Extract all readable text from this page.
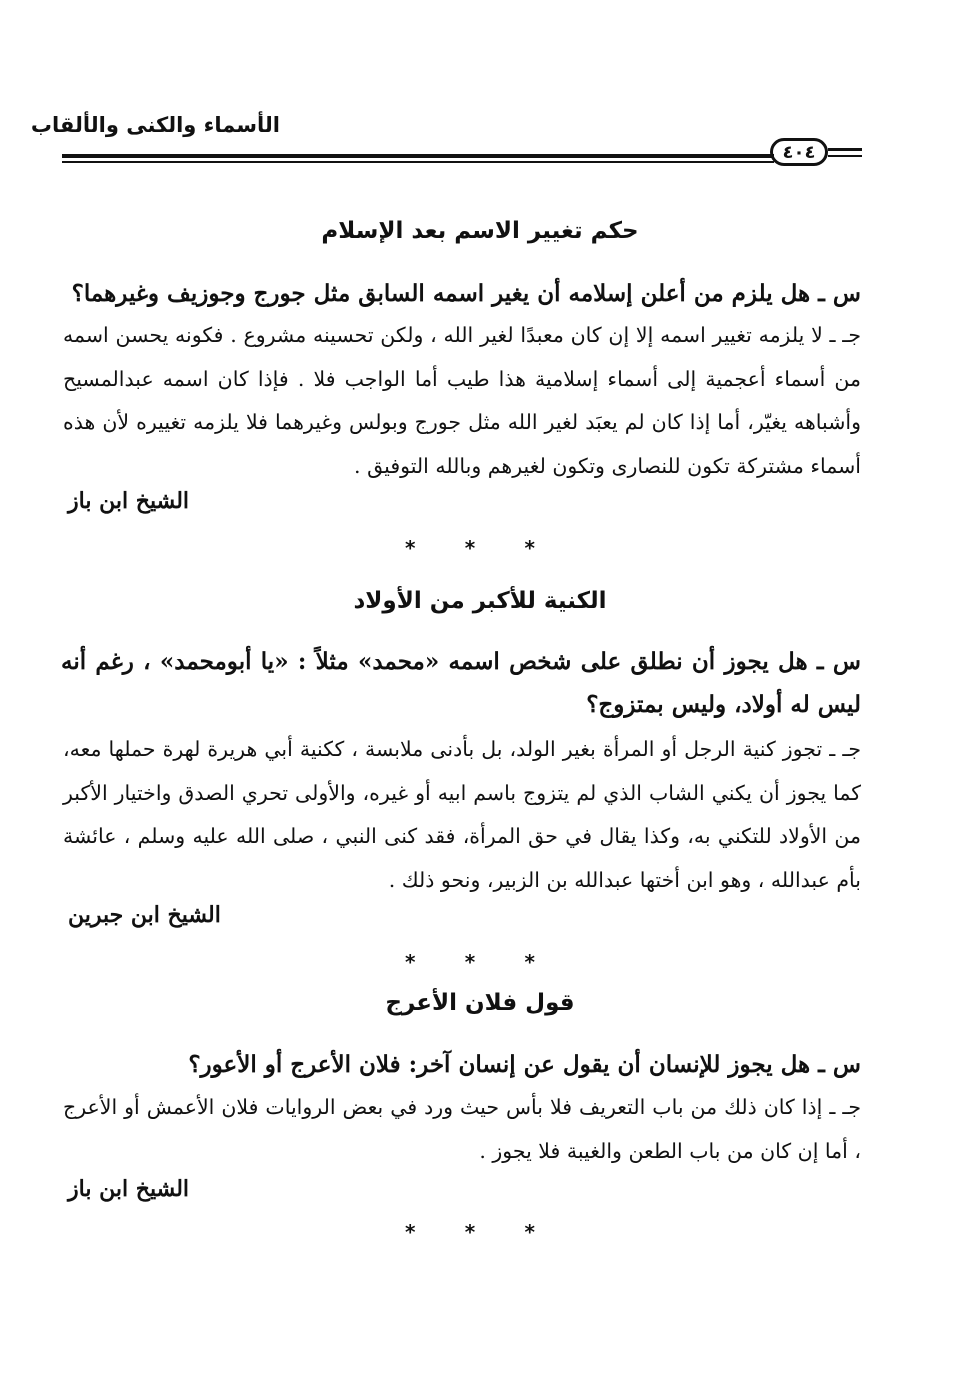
الأسماء والكنى والألقاب
٤٠٤
حكم تغيير الاسم بعد الإسلام
س ـ هل يلزم من أعلن إسلامه أن يغير اسمه السابق مثل جورج وجوزيف وغيرهما؟
جـ ـ لا يلزمه تغيير اسمه إلا إن كان معبدًا لغير الله ، ولكن تحسينه مشروع . فكونه يحسن اسمه من أسماء أعجمية إلى أسماء إسلامية هذا طيب أما الواجب فلا . فإذا كان اسمه عبدالمسيح وأشباهه يغيّر، أما إذا كان لم يعبَد لغير الله مثل جورج وبولس وغيرهما فلا يلزمه تغييره لأن هذه أسماء مشتركة تكون للنصارى وتكون لغيرهم وبالله التوفيق .
الشيخ ابن باز
* * *
الكنية للأكبر من الأولاد
س ـ هل يجوز أن نطلق على شخص اسمه «محمد» مثلاً : «يا أبومحمد» ، رغم أنه ليس له أولاد، وليس بمتزوج؟
جـ ـ تجوز كنية الرجل أو المرأة بغير الولد، بل بأدنى ملابسة ، ككنية أبي هريرة لهرة حملها معه، كما يجوز أن يكني الشاب الذي لم يتزوج باسم ابيه أو غيره، والأولى تحري الصدق واختيار الأكبر من الأولاد للتكني به، وكذا يقال في حق المرأة، فقد كنى النبي ، صلى الله عليه وسلم ، عائشة بأم عبدالله ، وهو ابن أختها عبدالله بن الزبير، ونحو ذلك .
الشيخ ابن جبرين
* * *
قول فلان الأعرج
س ـ هل يجوز للإنسان أن يقول عن إنسان آخر: فلان الأعرج أو الأعور؟
جـ ـ إذا كان ذلك من باب التعريف فلا بأس حيث ورد في بعض الروايات فلان الأعمش أو الأعرج ، أما إن كان من باب الطعن والغيبة فلا يجوز .
الشيخ ابن باز
* * *
